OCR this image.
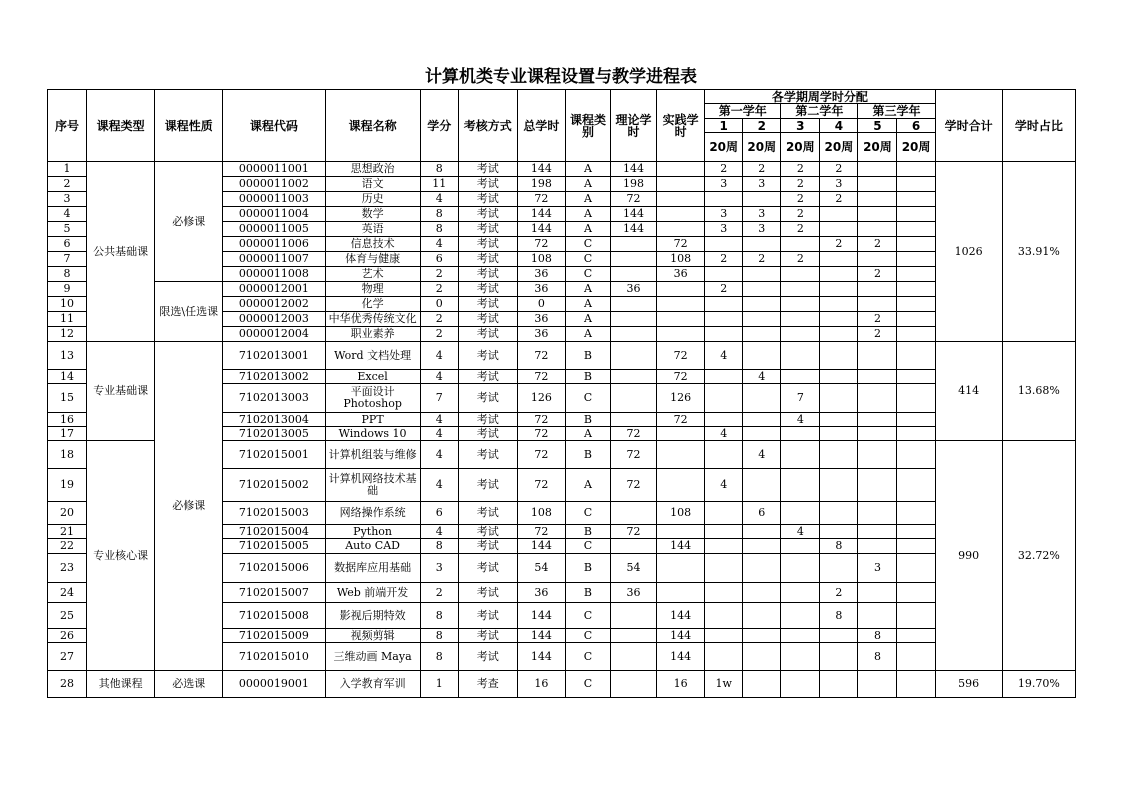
计算机类专业课程设置与教学进程表
序号	课程类型	课程性质	课程代码	课程名称	学分	考核方式	总学时	课程类别	理论学时	实践学时	各学期周学时分配						学时合计	学时占比
											第一学年		第二学年		第三学年			
											1	2	3	4	5	6		
											20周	20周	20周	20周	20周	20周		
1	公共基础课	必修课	0000011001	思想政治	8	考试	144	A	144		2	2	2	2			1026	33.91%
2			0000011002	语文	11	考试	198	A	198		3	3	2	3				
3			0000011003	历史	4	考试	72	A	72				2	2				
4			0000011004	数学	8	考试	144	A	144		3	3	2					
5			0000011005	英语	8	考试	144	A	144		3	3	2					
6			0000011006	信息技术	4	考试	72	C		72				2	2			
7			0000011007	体育与健康	6	考试	108	C		108	2	2	2					
8			0000011008	艺术	2	考试	36	C		36					2			
9		限选\任选课	0000012001	物理	2	考试	36	A	36		2							
10			0000012002	化学	0	考试	0	A										
11			0000012003	中华优秀传统文化	2	考试	36	A							2			
12			0000012004	职业素养	2	考试	36	A							2			
13	专业基础课	必修课	7102013001	Word 文档处理	4	考试	72	B		72	4						414	13.68%
14			7102013002	Excel	4	考试	72	B		72		4						
15			7102013003	平面设计 Photoshop	7	考试	126	C		126			7					
16			7102013004	PPT	4	考试	72	B		72			4					
17			7102013005	Windows 10	4	考试	72	A	72		4							
18	专业核心课		7102015001	计算机组装与维修	4	考试	72	B	72			4					990	32.72%
19			7102015002	计算机网络技术基础	4	考试	72	A	72		4							
20			7102015003	网络操作系统	6	考试	108	C		108		6						
21			7102015004	Python	4	考试	72	B	72				4					
22			7102015005	Auto CAD	8	考试	144	C		144				8				
23			7102015006	数据库应用基础	3	考试	54	B	54						3			
24			7102015007	Web 前端开发	2	考试	36	B	36					2				
25			7102015008	影视后期特效	8	考试	144	C		144				8				
26			7102015009	视频剪辑	8	考试	144	C		144					8			
27			7102015010	三维动画 Maya	8	考试	144	C		144					8			
28	其他课程	必选课	0000019001	入学教育军训	1	考查	16	C		16	1w						596	19.70%
